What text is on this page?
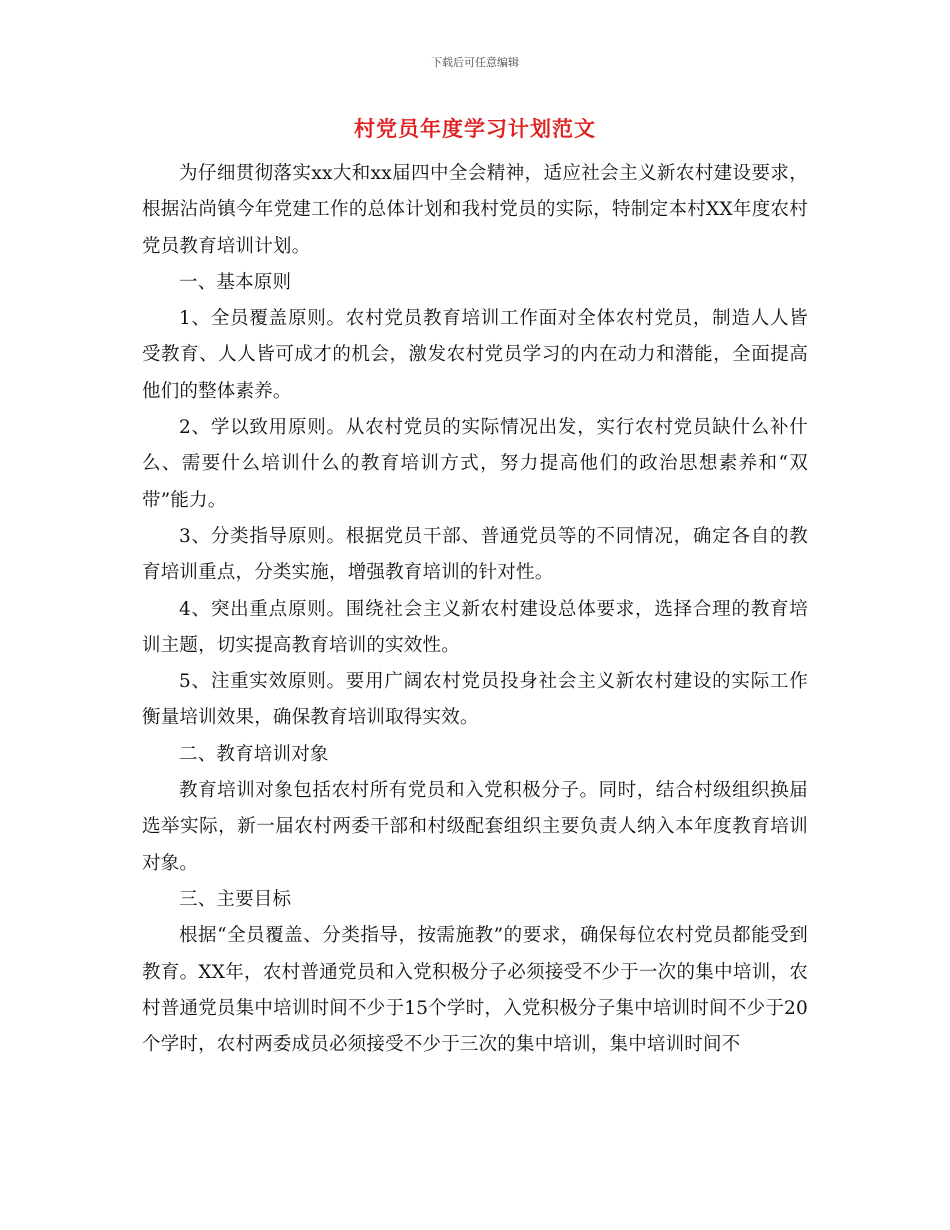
下载后可任意编辑
村党员年度学习计划范文

为仔细贯彻落实xx大和xx届四中全会精神，适应社会主义新农村建设要求，根据沾尚镇今年党建工作的总体计划和我村党员的实际，特制定本村XX年度农村党员教育培训计划。

一、基本原则

1、全员覆盖原则。农村党员教育培训工作面对全体农村党员，制造人人皆受教育、人人皆可成才的机会，激发农村党员学习的内在动力和潜能，全面提高他们的整体素养。

2、学以致用原则。从农村党员的实际情况出发，实行农村党员缺什么补什么、需要什么培训什么的教育培训方式，努力提高他们的政治思想素养和“双带”能力。

3、分类指导原则。根据党员干部、普通党员等的不同情况，确定各自的教育培训重点，分类实施，增强教育培训的针对性。

4、突出重点原则。围绕社会主义新农村建设总体要求，选择合理的教育培训主题，切实提高教育培训的实效性。

5、注重实效原则。要用广阔农村党员投身社会主义新农村建设的实际工作衡量培训效果，确保教育培训取得实效。

二、教育培训对象

教育培训对象包括农村所有党员和入党积极分子。同时，结合村级组织换届选举实际，新一届农村两委干部和村级配套组织主要负责人纳入本年度教育培训对象。

三、主要目标

根据“全员覆盖、分类指导，按需施教”的要求，确保每位农村党员都能受到教育。XX年，农村普通党员和入党积极分子必须接受不少于一次的集中培训，农村普通党员集中培训时间不少于15个学时，入党积极分子集中培训时间不少于20个学时，农村两委成员必须接受不少于三次的集中培训，集中培训时间不
